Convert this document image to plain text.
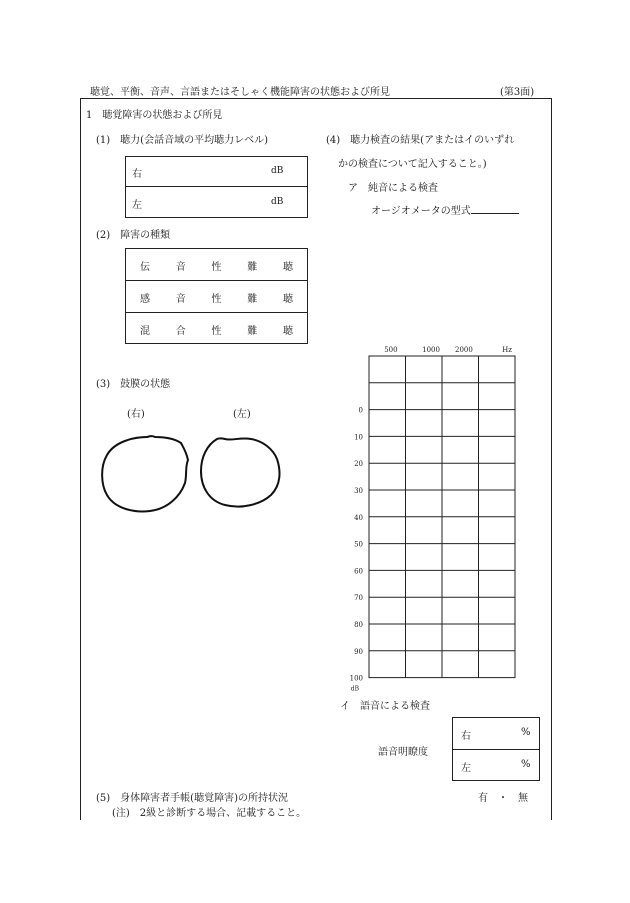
聴覚、平衡、音声、言語またはそしゃく機能障害の状態および所見	(第3面)
1　聴覚障害の状態および所見
(1)　聴力(会話音域の平均聴力レベル)
右	dB
左	dB
(2)　障害の種類
伝	音	性	難	聴
感	音	性	難	聴
混	合	性	難	聴
(3)　鼓膜の状態
(右)	(左)
(4)　聴力検査の結果(アまたはイのいずれ
かの検査について記入すること。)
ア　純音による検査
オージオメータの型式
500	1000 2000	Hz
0
10
20
30
40
50
60
70
80
90
100
dB
イ　語音による検査
語音明瞭度
右	%
左	%
(5)　身体障害者手帳(聴覚障害)の所持状況	有　・　無
(注)　2級と診断する場合、記載すること。
